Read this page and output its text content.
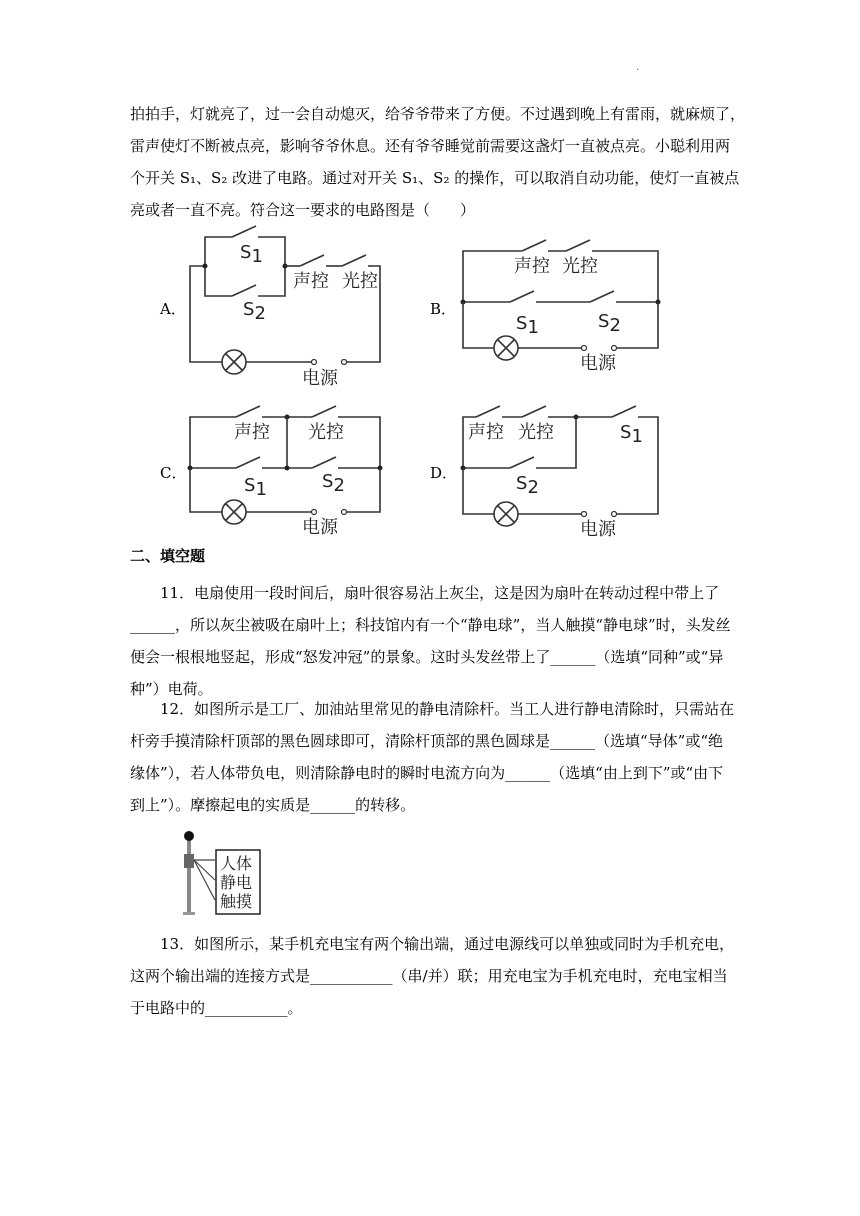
.
拍拍手，灯就亮了，过一会自动熄灭，给爷爷带来了方便。不过遇到晚上有雷雨，就麻烦了，
雷声使灯不断被点亮，影响爷爷休息。还有爷爷睡觉前需要这盏灯一直被点亮。小聪利用两
个开关 S₁、S₂ 改进了电路。通过对开关 S₁、S₂ 的操作，可以取消自动功能，使灯一直被点
亮或者一直不亮。符合这一要求的电路图是（　　）
A．	B．
C．	D．
S1
S2
声控 光控
电源
声控 光控
S1	S2
电源
声控 光控
S1	S2
电源
声控 光控	S1
S2
电源
二、填空题
11．电扇使用一段时间后，扇叶很容易沾上灰尘，这是因为扇叶在转动过程中带上了
______，所以灰尘被吸在扇叶上；科技馆内有一个“静电球”，当人触摸“静电球”时，头发丝
便会一根根地竖起，形成“怒发冲冠”的景象。这时头发丝带上了______（选填“同种”或“异
种”）电荷。
12．如图所示是工厂、加油站里常见的静电清除杆。当工人进行静电清除时，只需站在
杆旁手摸清除杆顶部的黑色圆球即可，清除杆顶部的黑色圆球是______（选填“导体”或“绝
缘体”），若人体带负电，则清除静电时的瞬时电流方向为______（选填“由上到下”或“由下
到上”）。摩擦起电的实质是______的转移。
人体
静电
触摸
13．如图所示，某手机充电宝有两个输出端，通过电源线可以单独或同时为手机充电，
这两个输出端的连接方式是___________（串/并）联；用充电宝为手机充电时，充电宝相当
于电路中的___________。
